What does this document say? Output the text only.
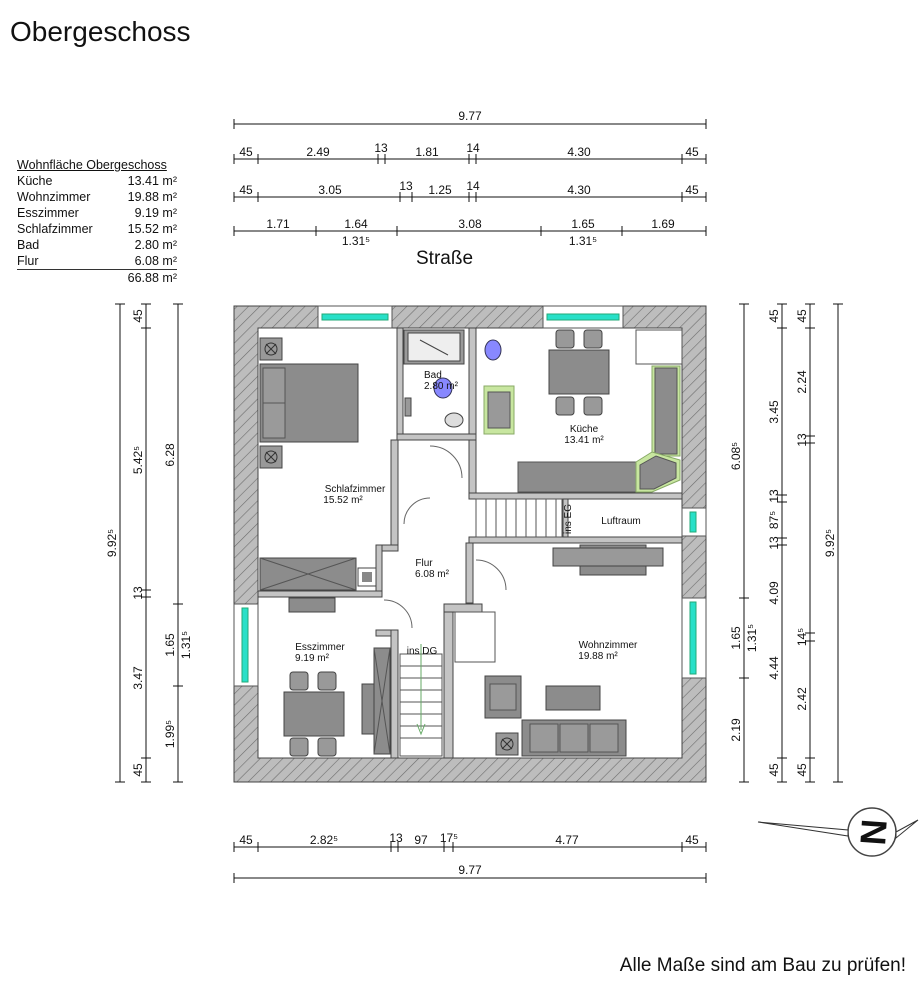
Obergeschoss
Wohnfläche Obergeschoss
Küche	13.41 m²
Wohnzimmer	19.88 m²
Esszimmer	9.19 m²
Schlafzimmer	15.52 m²
Bad	2.80 m²
Flur	6.08 m²
66.88 m²
Straße
9.77
45	2.49	13 1.81 14	4.30	45
45	3.05	13 1.25 14	4.30	45
1.71	1.64	3.08	1.65	1.69
1.31⁵	1.31⁵
45	2.82⁵	13 97 17⁵	4.77	45
9.77
9.92⁵
45
5.42⁵
13
3.47
45
6.28
1.65
1.99⁵
1.31⁵
6.08⁵
1.65
2.19
1.31⁵
45
3.45
13
87⁵
13
4.09
4.44
45
45
2.24
13
14⁵
2.42
45
9.92⁵
Bad
2.80 m²
Küche
13.41 m²
Schlafzimmer
15.52 m²
Flur
6.08 m²
Esszimmer
9.19 m²
Wohnzimmer
19.88 m²
Luftraum
ins EG
ins DG
N
Alle Maße sind am Bau zu prüfen!
